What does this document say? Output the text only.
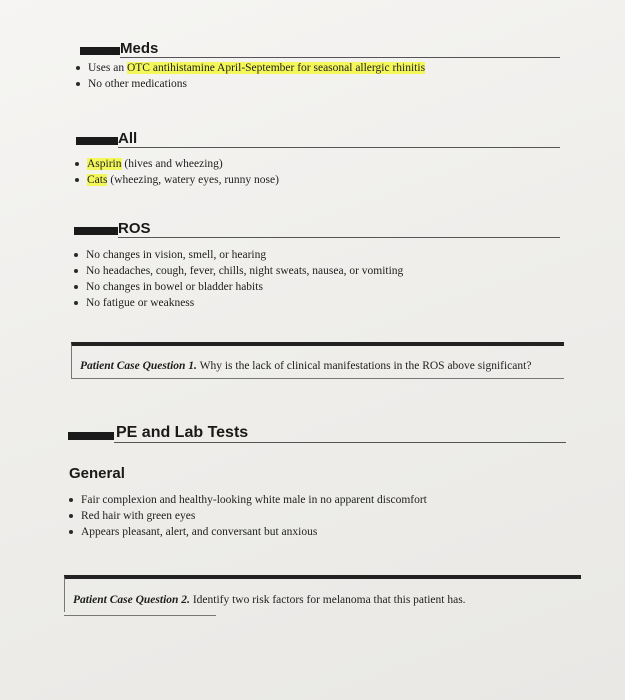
Meds
Uses an OTC antihistamine April-September for seasonal allergic rhinitis
No other medications
All
Aspirin (hives and wheezing)
Cats (wheezing, watery eyes, runny nose)
ROS
No changes in vision, smell, or hearing
No headaches, cough, fever, chills, night sweats, nausea, or vomiting
No changes in bowel or bladder habits
No fatigue or weakness
Patient Case Question 1. Why is the lack of clinical manifestations in the ROS above significant?
PE and Lab Tests
General
Fair complexion and healthy-looking white male in no apparent discomfort
Red hair with green eyes
Appears pleasant, alert, and conversant but anxious
Patient Case Question 2. Identify two risk factors for melanoma that this patient has.
